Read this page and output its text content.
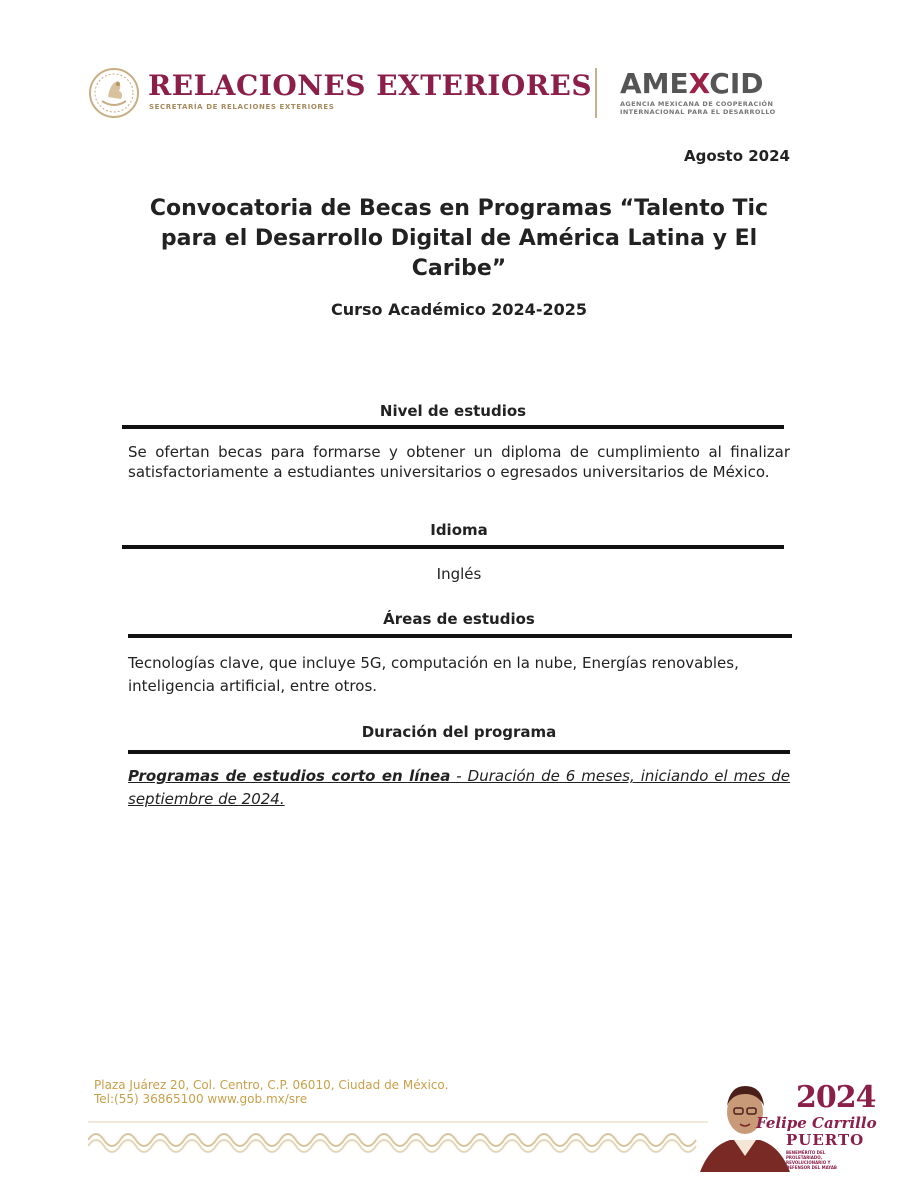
RELACIONES EXTERIORES
SECRETARÍA DE RELACIONES EXTERIORES
AMEXCID
AGENCIA MEXICANA DE COOPERACIÓN
INTERNACIONAL PARA EL DESARROLLO
Agosto 2024
Convocatoria de Becas en Programas “Talento Tic para el Desarrollo Digital de América Latina y El Caribe”
Curso Académico 2024-2025
Nivel de estudios
Se ofertan becas para formarse y obtener un diploma de cumplimiento al finalizar satisfactoriamente a estudiantes universitarios o egresados universitarios de México.
Idioma
Inglés
Áreas de estudios
Tecnologías clave, que incluye 5G, computación en la nube, Energías renovables, inteligencia artificial, entre otros.
Duración del programa
Programas de estudios corto en línea - Duración de 6 meses, iniciando el mes de septiembre de 2024.
Plaza Juárez 20, Col. Centro, C.P. 06010, Ciudad de México.
Tel:(55) 36865100 www.gob.mx/sre	2024
Felipe Carrillo
PUERTO
BENEMÉRITO DEL PROLETARIADO, REVOLUCIONARIO Y DEFENSOR DEL MAYAB
